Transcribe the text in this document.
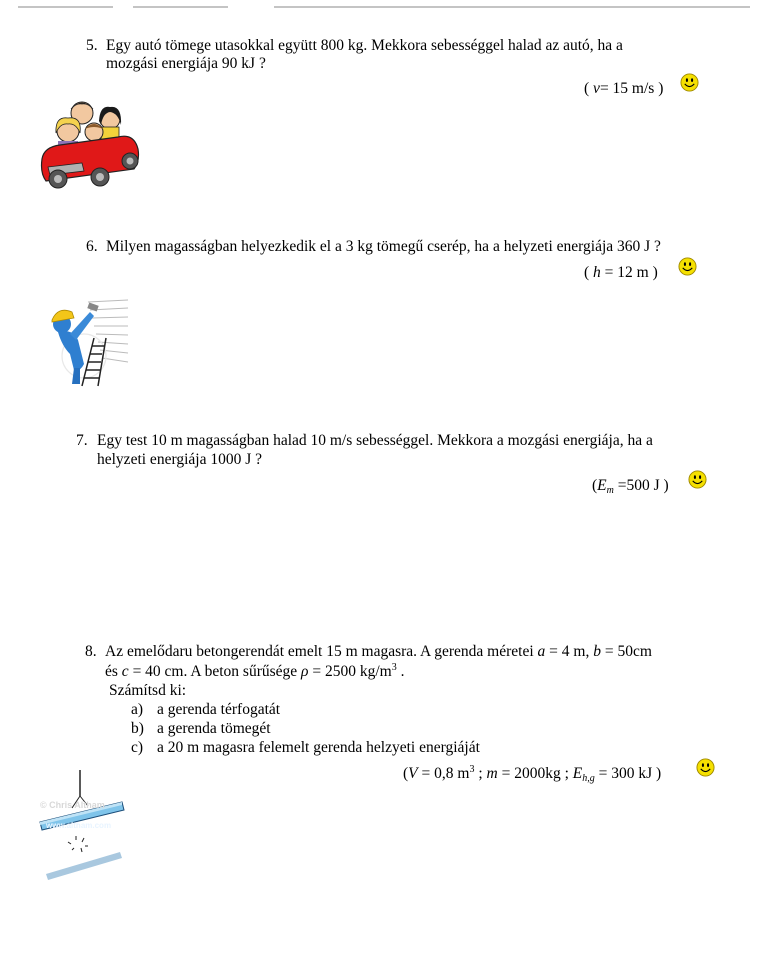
5. Egy autó tömege utasokkal együtt 800 kg. Mekkora sebességgel halad az autó, ha a
mozgási energiája 90 kJ ?
( v= 15 m/s )
6. Milyen magasságban helyezkedik el a 3 kg tömegű cserép, ha a helyzeti energiája 360 J ?
( h = 12 m )
7. Egy test 10 m magasságban halad 10 m/s sebességgel. Mekkora a mozgási energiája, ha a
helyzeti energiája 1000 J ?
($E_m =500$ J )
8. Az emelődaru betongerendát emelt 15 m magasra. A gerenda méretei a = 4 m, b = 50cm
és c = 40 cm. A beton sűrűsége ρ = 2500 $kg/m^3$ .
Számítsd ki:
a) a gerenda térfogatát
b) a gerenda tömegét
c) a 20 m magasra felemelt gerenda helzyeti energiáját
(V = 0,8 $m^3$ ; m = 2000kg ; $E_{h,g} = 300$ kJ )
© Chris Altham
www.altham.com
